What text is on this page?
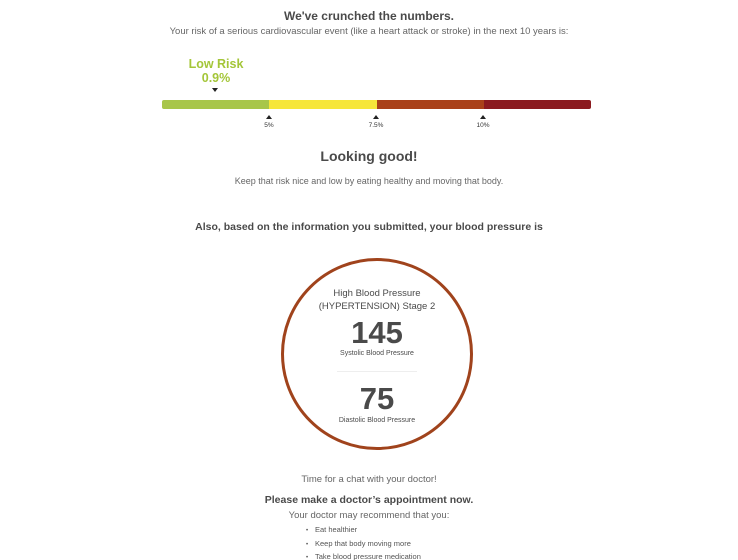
We've crunched the numbers.
Your risk of a serious cardiovascular event (like a heart attack or stroke) in the next 10 years is:
Low Risk
0.9%
5%	7.5%	10%
Looking good!
Keep that risk nice and low by eating healthy and moving that body.
Also, based on the information you submitted, your blood pressure is
High Blood Pressure
(HYPERTENSION) Stage 2
145
Systolic Blood Pressure
75
Diastolic Blood Pressure
Time for a chat with your doctor!
Please make a doctor’s appointment now.
Your doctor may recommend that you:
• Eat healthier
• Keep that body moving more
• Take blood pressure medication
